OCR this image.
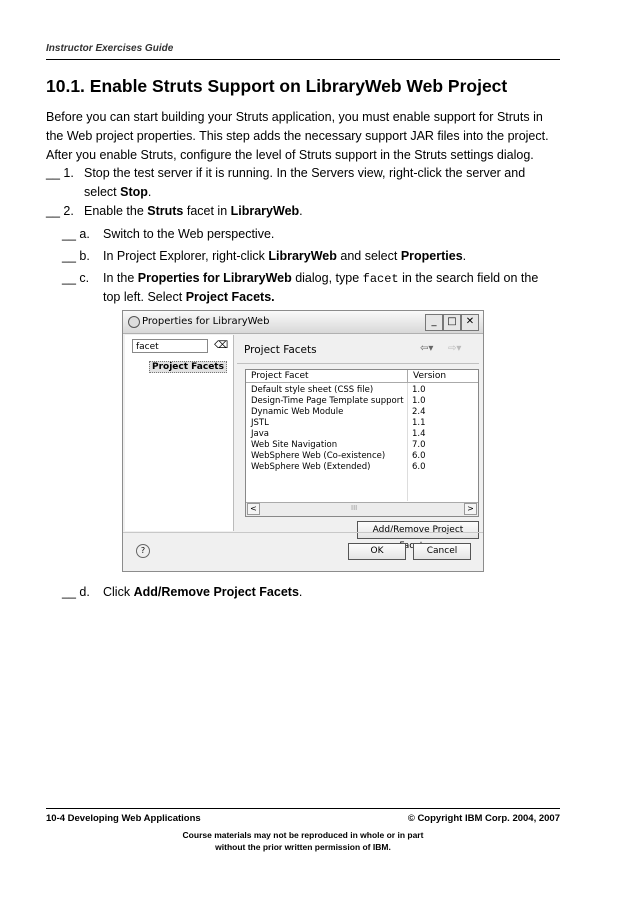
Instructor Exercises Guide
10.1. Enable Struts Support on LibraryWeb Web Project

Before you can start building your Struts application, you must enable support for Struts in the Web project properties. This step adds the necessary support JAR files into the project. After you enable Struts, configure the level of Struts support in the Struts settings dialog.

__ 1. Stop the test server if it is running. In the Servers view, right-click the server and
select Stop.
__ 2. Enable the Struts facet in LibraryWeb.
__ a. Switch to the Web perspective.
__ b. In Project Explorer, right-click LibraryWeb and select Properties.
__ c. In the Properties for LibraryWeb dialog, type facet in the search field on the
top left. Select Project Facets.
Properties for LibraryWeb	_	□ ✕
facet	⌫
Project Facets
Project Facets	⇦▾ ⇨▾
Project Facet	Version
Default style sheet (CSS file)	1.0
Design-Time Page Template support 1.0
Dynamic Web Module	2.4
JSTL	1.1
Java	1.4
Web Site Navigation	7.0
WebSphere Web (Co-existence)	6.0
WebSphere Web (Extended)	6.0
<	III	>
Add/Remove Project
?	OK	Cancel
__ d. Click Add/Remove Project Facets.
10-4 Developing Web Applications	© Copyright IBM Corp. 2004, 2007
Course materials may not be reproduced in whole or in part
without the prior written permission of IBM.
